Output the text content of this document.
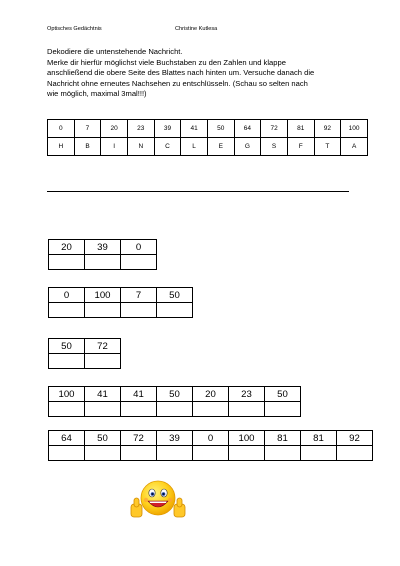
Optisches Gedächtnis	Christine Kutlesa
Dekodiere die untenstehende Nachricht.
Merke dir hierfür möglichst viele Buchstaben zu den Zahlen und klappe
anschließend die obere Seite des Blattes nach hinten um. Versuche danach die
Nachricht ohne erneutes Nachsehen zu entschlüsseln. (Schau so selten nach
wie möglich, maximal 3mal!!!)
0	7	20	23	39	41	50	64	72	81	92	100
H	B	I	N	C	L	E	G	S	F	T	A
20	39	0

0	100	7	50

50	72

100	41	41	50	20	23	50

64	50	72	39	0	100	81	81	92
